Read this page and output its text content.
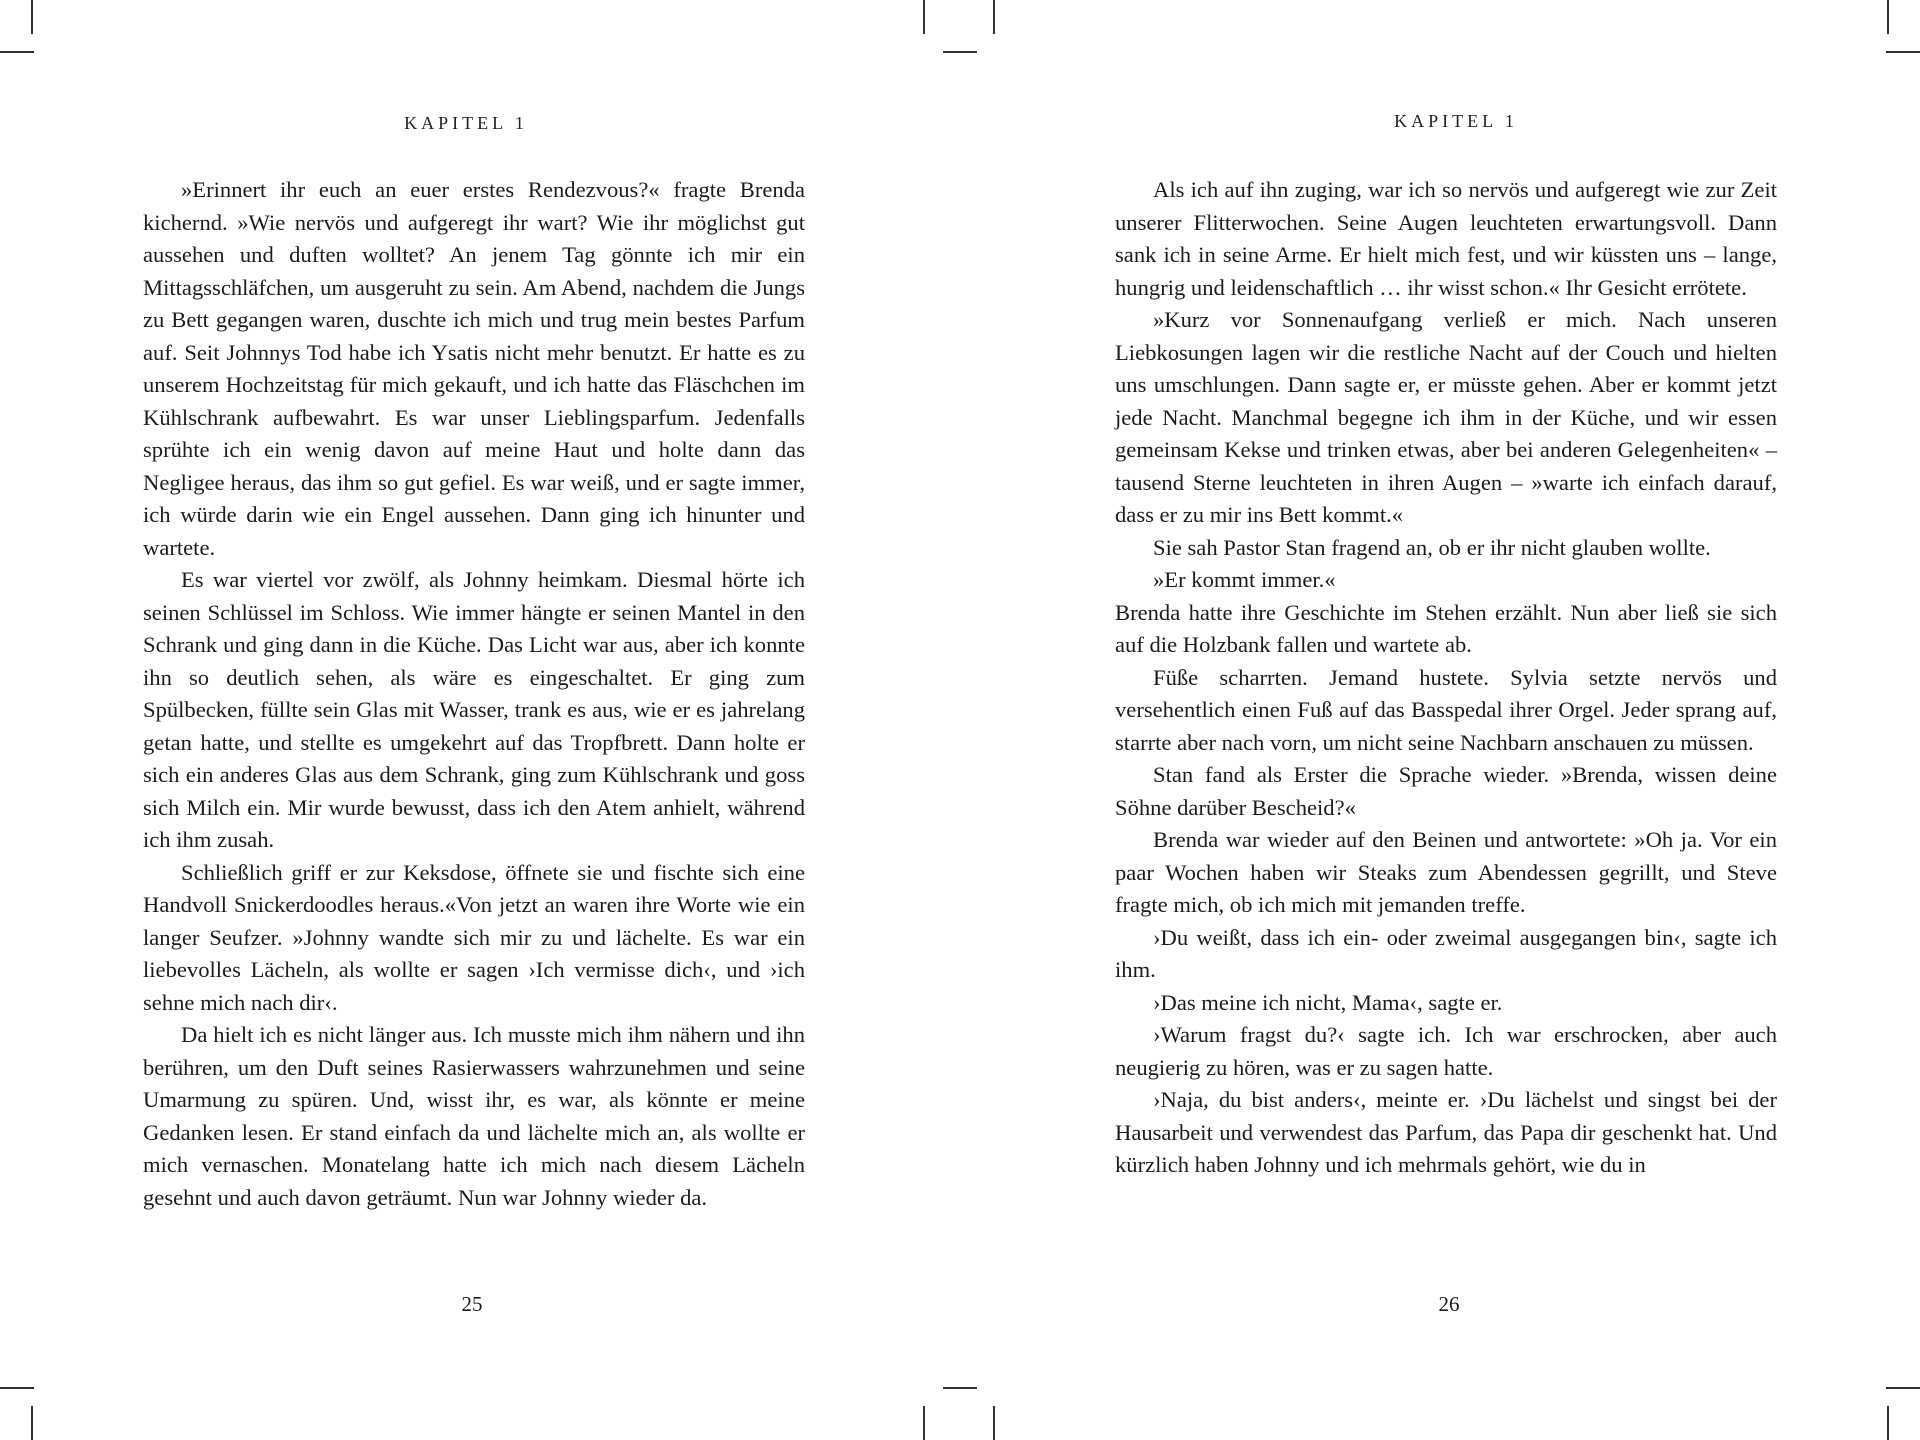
KAPITEL 1

»Erinnert ihr euch an euer erstes Rendezvous?« fragte Brenda kichernd. »Wie nervös und aufgeregt ihr wart? Wie ihr möglichst gut aussehen und duften wolltet? An jenem Tag gönnte ich mir ein Mittagsschläfchen, um ausgeruht zu sein. Am Abend, nachdem die Jungs zu Bett gegangen waren, duschte ich mich und trug mein bestes Parfum auf. Seit Johnnys Tod habe ich Ysatis nicht mehr benutzt. Er hatte es zu unserem Hochzeitstag für mich gekauft, und ich hatte das Fläschchen im Kühlschrank aufbewahrt. Es war unser Lieblingsparfum. Jedenfalls sprühte ich ein wenig davon auf meine Haut und holte dann das Negligee heraus, das ihm so gut gefiel. Es war weiß, und er sagte immer, ich würde darin wie ein Engel aussehen. Dann ging ich hinunter und wartete.

Es war viertel vor zwölf, als Johnny heimkam. Diesmal hörte ich seinen Schlüssel im Schloss. Wie immer hängte er seinen Mantel in den Schrank und ging dann in die Küche. Das Licht war aus, aber ich konnte ihn so deutlich sehen, als wäre es eingeschaltet. Er ging zum Spülbecken, füllte sein Glas mit Wasser, trank es aus, wie er es jahrelang getan hatte, und stellte es umgekehrt auf das Tropfbrett. Dann holte er sich ein anderes Glas aus dem Schrank, ging zum Kühlschrank und goss sich Milch ein. Mir wurde bewusst, dass ich den Atem anhielt, während ich ihm zusah.

Schließlich griff er zur Keksdose, öffnete sie und fischte sich eine Handvoll Snickerdoodles heraus.«Von jetzt an waren ihre Worte wie ein langer Seufzer. »Johnny wandte sich mir zu und lächelte. Es war ein liebevolles Lächeln, als wollte er sagen ›Ich vermisse dich‹, und ›ich sehne mich nach dir‹.

Da hielt ich es nicht länger aus. Ich musste mich ihm nähern und ihn berühren, um den Duft seines Rasierwassers wahrzunehmen und seine Umarmung zu spüren. Und, wisst ihr, es war, als könnte er meine Gedanken lesen. Er stand einfach da und lächelte mich an, als wollte er mich vernaschen. Monatelang hatte ich mich nach diesem Lächeln gesehnt und auch davon geträumt. Nun war Johnny wieder da.

25
KAPITEL 1

Als ich auf ihn zuging, war ich so nervös und aufgeregt wie zur Zeit unserer Flitterwochen. Seine Augen leuchteten erwartungsvoll. Dann sank ich in seine Arme. Er hielt mich fest, und wir küssten uns – lange, hungrig und leidenschaftlich … ihr wisst schon.« Ihr Gesicht errötete.

»Kurz vor Sonnenaufgang verließ er mich. Nach unseren Liebkosungen lagen wir die restliche Nacht auf der Couch und hielten uns umschlungen. Dann sagte er, er müsste gehen. Aber er kommt jetzt jede Nacht. Manchmal begegne ich ihm in der Küche, und wir essen gemeinsam Kekse und trinken etwas, aber bei anderen Gelegenheiten« – tausend Sterne leuchteten in ihren Augen – »warte ich einfach darauf, dass er zu mir ins Bett kommt.«

Sie sah Pastor Stan fragend an, ob er ihr nicht glauben wollte.

»Er kommt immer.«

Brenda hatte ihre Geschichte im Stehen erzählt. Nun aber ließ sie sich auf die Holzbank fallen und wartete ab.

Füße scharrten. Jemand hustete. Sylvia setzte nervös und versehentlich einen Fuß auf das Basspedal ihrer Orgel. Jeder sprang auf, starrte aber nach vorn, um nicht seine Nachbarn anschauen zu müssen.

Stan fand als Erster die Sprache wieder. »Brenda, wissen deine Söhne darüber Bescheid?«

Brenda war wieder auf den Beinen und antwortete: »Oh ja. Vor ein paar Wochen haben wir Steaks zum Abendessen gegrillt, und Steve fragte mich, ob ich mich mit jemanden treffe.

›Du weißt, dass ich ein- oder zweimal ausgegangen bin‹, sagte ich ihm.

›Das meine ich nicht, Mama‹, sagte er.

›Warum fragst du?‹ sagte ich. Ich war erschrocken, aber auch neugierig zu hören, was er zu sagen hatte.

›Naja, du bist anders‹, meinte er. ›Du lächelst und singst bei der Hausarbeit und verwendest das Parfum, das Papa dir geschenkt hat. Und kürzlich haben Johnny und ich mehrmals gehört, wie du in

26
